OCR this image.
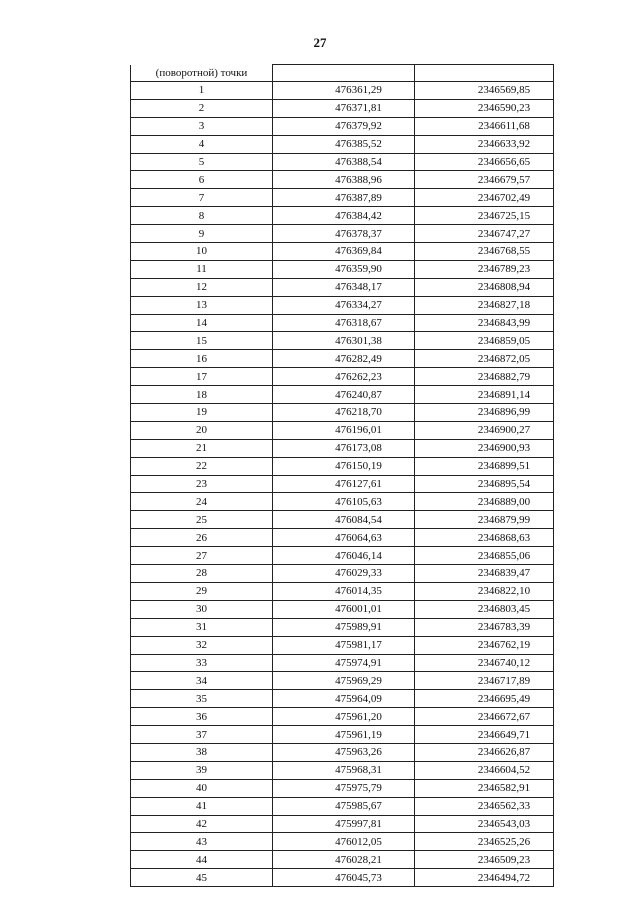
27
(поворотной) точки		
1	476361,29	2346569,85
2	476371,81	2346590,23
3	476379,92	2346611,68
4	476385,52	2346633,92
5	476388,54	2346656,65
6	476388,96	2346679,57
7	476387,89	2346702,49
8	476384,42	2346725,15
9	476378,37	2346747,27
10	476369,84	2346768,55
11	476359,90	2346789,23
12	476348,17	2346808,94
13	476334,27	2346827,18
14	476318,67	2346843,99
15	476301,38	2346859,05
16	476282,49	2346872,05
17	476262,23	2346882,79
18	476240,87	2346891,14
19	476218,70	2346896,99
20	476196,01	2346900,27
21	476173,08	2346900,93
22	476150,19	2346899,51
23	476127,61	2346895,54
24	476105,63	2346889,00
25	476084,54	2346879,99
26	476064,63	2346868,63
27	476046,14	2346855,06
28	476029,33	2346839,47
29	476014,35	2346822,10
30	476001,01	2346803,45
31	475989,91	2346783,39
32	475981,17	2346762,19
33	475974,91	2346740,12
34	475969,29	2346717,89
35	475964,09	2346695,49
36	475961,20	2346672,67
37	475961,19	2346649,71
38	475963,26	2346626,87
39	475968,31	2346604,52
40	475975,79	2346582,91
41	475985,67	2346562,33
42	475997,81	2346543,03
43	476012,05	2346525,26
44	476028,21	2346509,23
45	476045,73	2346494,72
